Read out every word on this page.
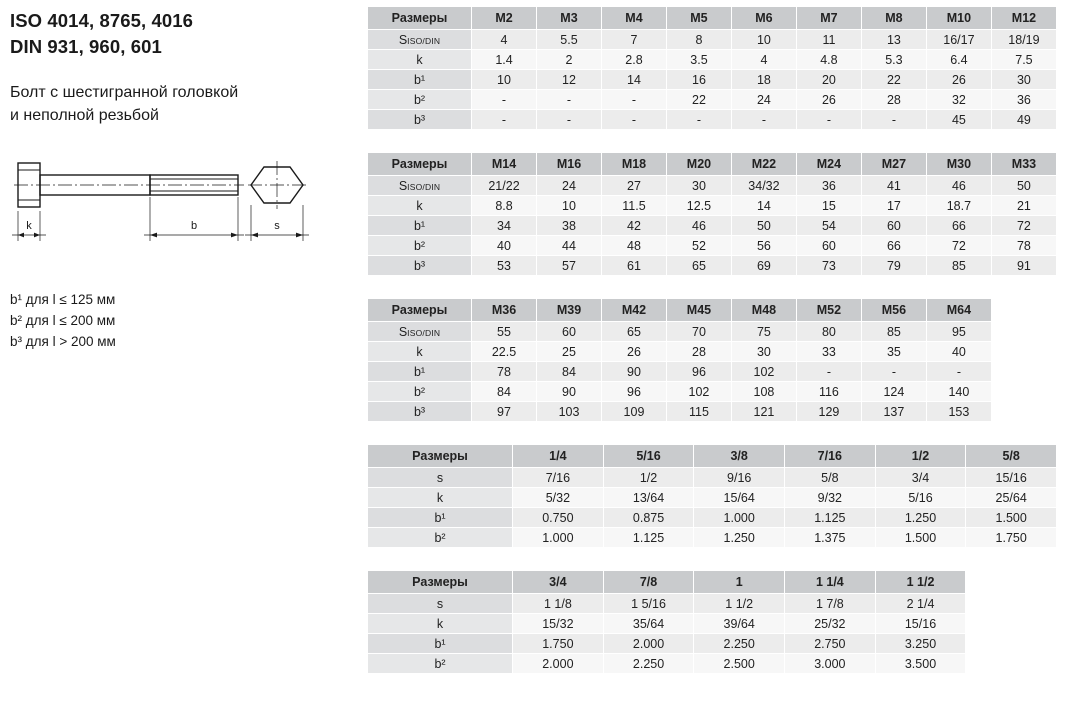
ISO 4014, 8765, 4016
DIN 931, 960, 601
Болт с шестигранной головкой
и неполной резьбой
k	b	s
b¹ для l ≤ 125 мм
b² для l ≤ 200 мм
b³ для l > 200 мм
Размеры	M2	M3	M4	M5	M6	M7	M8	M10	M12
SISO/DIN	4	5.5	7	8	10	11	13	16/17	18/19
k	1.4	2	2.8	3.5	4	4.8	5.3	6.4	7.5
b¹	10	12	14	16	18	20	22	26	30
b²	-	-	-	22	24	26	28	32	36
b³	-	-	-	-	-	-	-	45	49
Размеры	M14	M16	M18	M20	M22	M24	M27	M30	M33
SISO/DIN	21/22	24	27	30	34/32	36	41	46	50
k	8.8	10	11.5	12.5	14	15	17	18.7	21
b¹	34	38	42	46	50	54	60	66	72
b²	40	44	48	52	56	60	66	72	78
b³	53	57	61	65	69	73	79	85	91
Размеры	M36	M39	M42	M45	M48	M52	M56	M64	
SISO/DIN	55	60	65	70	75	80	85	95	
k	22.5	25	26	28	30	33	35	40	
b¹	78	84	90	96	102	-	-	-	
b²	84	90	96	102	108	116	124	140	
b³	97	103	109	115	121	129	137	153	
Размеры	1/4	5/16	3/8	7/16	1/2	5/8
s	7/16	1/2	9/16	5/8	3/4	15/16
k	5/32	13/64	15/64	9/32	5/16	25/64
b¹	0.750	0.875	1.000	1.125	1.250	1.500
b²	1.000	1.125	1.250	1.375	1.500	1.750
Размеры	3/4	7/8	1	1 1/4	1 1/2	
s	1 1/8	1 5/16	1 1/2	1 7/8	2 1/4	
k	15/32	35/64	39/64	25/32	15/16	
b¹	1.750	2.000	2.250	2.750	3.250	
b²	2.000	2.250	2.500	3.000	3.500	
